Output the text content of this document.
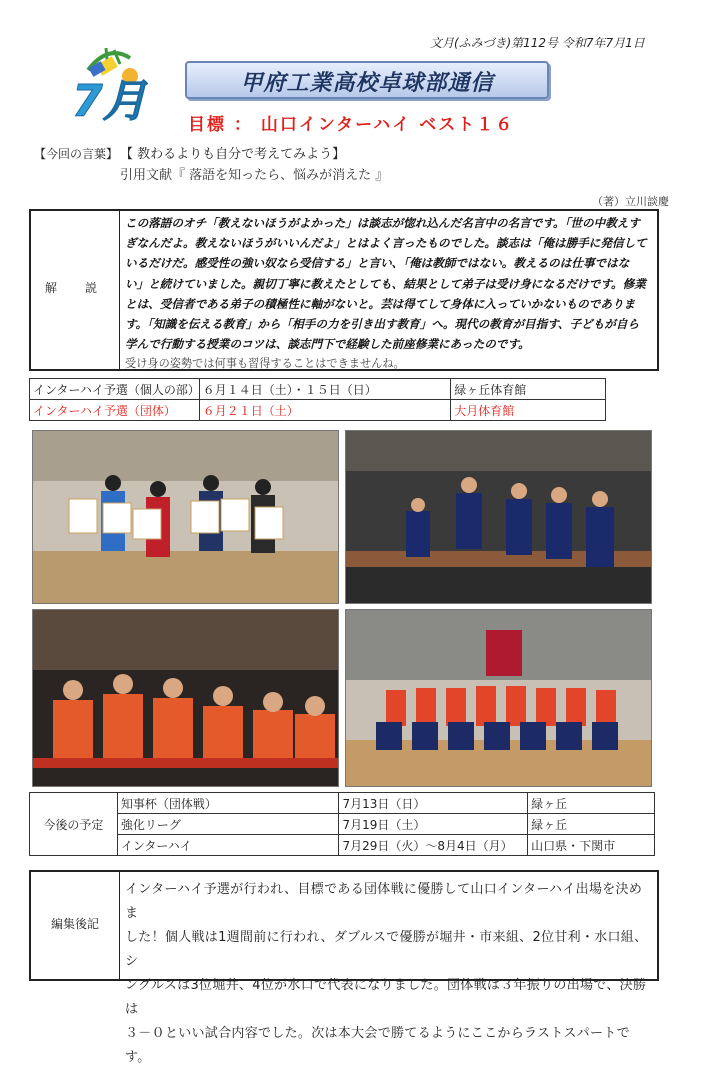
文月(ふみづき)第112号 令和7年7月1日
7月	甲府工業高校卓球部通信
目標 ： 山口インターハイ ベスト１６
【今回の言葉】 【 教わるよりも自分で考えてみよう】
引用文献『 落語を知ったら、悩みが消えた 』
（著）立川談慶
解　説
この落語のオチ「教えないほうがよかった」は談志が惚れ込んだ名言中の名言です。「世の中教えす
ぎなんだよ。教えないほうがいいんだよ」とはよく言ったものでした。談志は「俺は勝手に発信して
いるだけだ。感受性の強い奴なら受信する」と言い、「俺は教師ではない。教えるのは仕事ではな
い」と続けていました。親切丁寧に教えたとしても、結果として弟子は受け身になるだけです。修業
とは、受信者である弟子の積極性に軸がないと。芸は得てして身体に入っていかないものでありま
す。「知識を伝える教育」から「相手の力を引き出す教育」へ。現代の教育が目指す、子どもが自ら
学んで行動する授業のコツは、談志門下で経験した前座修業にあったのです。
受け身の姿勢では何事も習得することはできませんね。
インターハイ予選（個人の部）	６月１４日（土）・１５日（日）	緑ヶ丘体育館
インターハイ予選（団体）	６月２１日（土）	大月体育館
今後の予定	知事杯（団体戦）	7月13日（日）	緑ヶ丘
	強化リーグ	7月19日（土）	緑ヶ丘
	インターハイ	7月29日（火）～8月4日（月）	山口県・下関市
編集後記
インターハイ予選が行われ、目標である団体戦に優勝して山口インターハイ出場を決めま
した！個人戦は1週間前に行われ、ダブルスで優勝が堀井・市来組、2位甘利・水口組、シ
ングルスは3位堀井、4位が水口で代表になりました。団体戦は３年振りの出場で、決勝は
３－０といい試合内容でした。次は本大会で勝てるようにここからラストスパートです。
